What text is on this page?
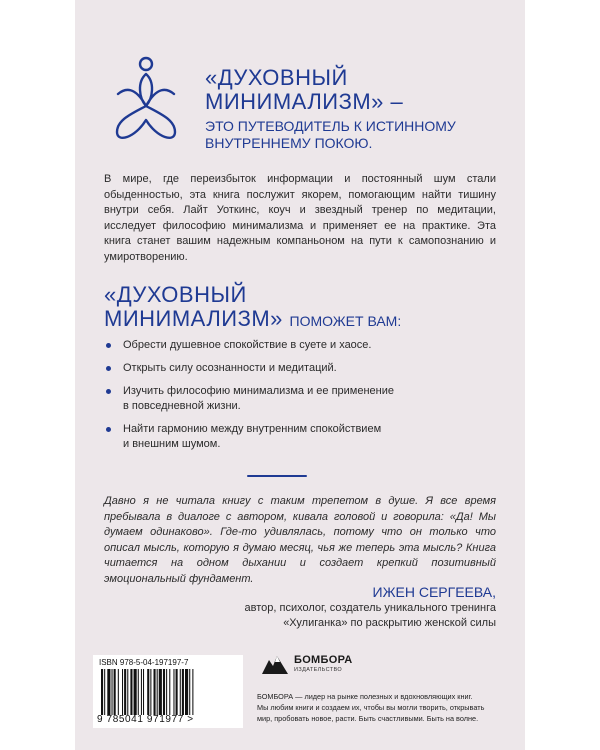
«ДУХОВНЫЙ
МИНИМАЛИЗМ» –
ЭТО ПУТЕВОДИТЕЛЬ К ИСТИННОМУ
ВНУТРЕННЕМУ ПОКОЮ.
В мире, где переизбыток информации и постоянный шум стали обыденностью, эта книга послужит якорем, помогающим найти тишину внутри себя. Лайт Уоткинс, коуч и звездный тренер по медитации, исследует философию минимализма и применяет ее на практике. Эта книга станет вашим надежным компаньоном на пути к самопознанию и умиротворению.
«ДУХОВНЫЙ
МИНИМАЛИЗМ» ПОМОЖЕТ ВАМ:
Обрести душевное спокойствие в суете и хаосе.
Открыть силу осознанности и медитаций.
Изучить философию минимализма и ее применение
в повседневной жизни.
Найти гармонию между внутренним спокойствием
и внешним шумом.
Давно я не читала книгу с таким трепетом в душе. Я все время пребывала в диалоге с автором, кивала головой и говорила: «Да! Мы думаем одинаково». Где-то удивлялась, потому что он только что описал мысль, которую я думаю месяц, чья же теперь эта мысль? Книга читается на одном дыхании и создает крепкий позитивный эмоциональный фундамент.
ИЖЕН СЕРГЕЕВА,
автор, психолог, создатель уникального тренинга
«Хулиганка» по раскрытию женской силы
ISBN 978-5-04-197197-7
9 785041 971977 >
БОМБОРА
ИЗДАТЕЛЬСТВО
БОМБОРА — лидер на рынке полезных и вдохновляющих книг.
Мы любим книги и создаем их, чтобы вы могли творить, открывать
мир, пробовать новое, расти. Быть счастливыми. Быть на волне.
